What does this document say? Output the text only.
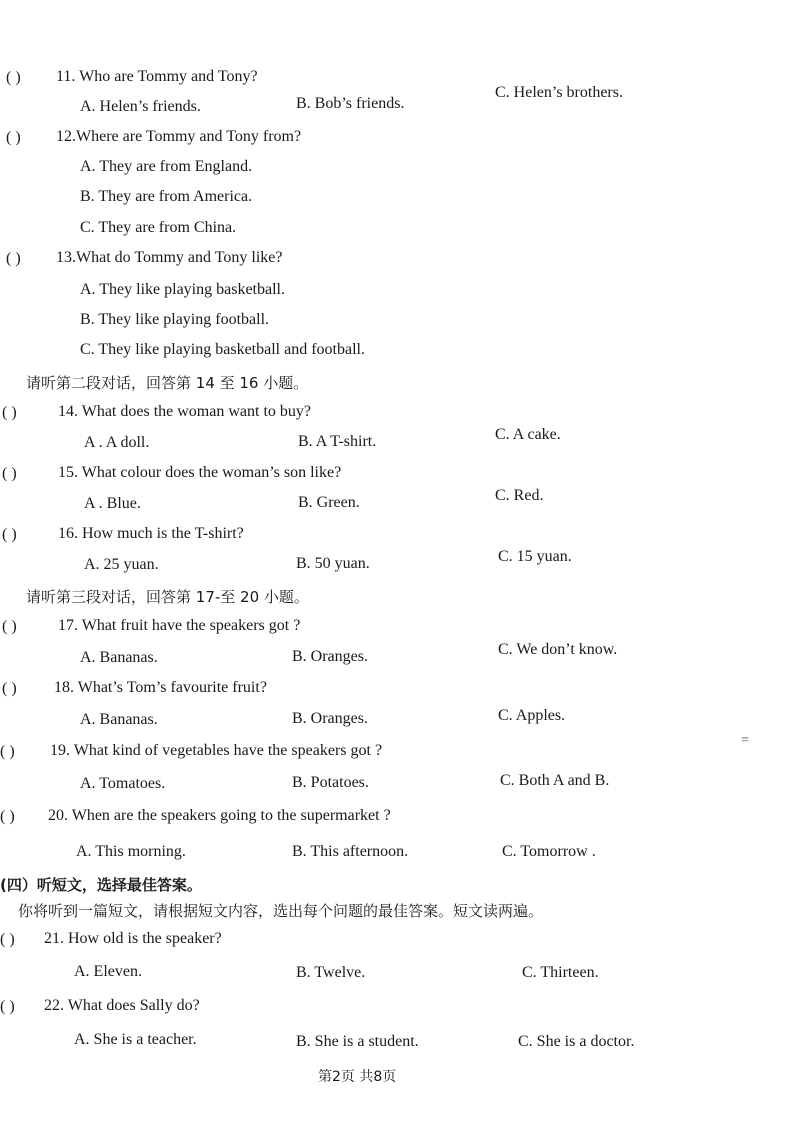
( ) 11. Who are Tommy and Tony?
A. Helen’s friends.	B. Bob’s friends.
C. Helen’s brothers.
( ) 12.Where are Tommy and Tony from?
A. They are from England.
B. They are from America.
C. They are from China.
( ) 13.What do Tommy and Tony like?
A. They like playing basketball.
B. They like playing football.
C. They like playing basketball and football.
请听第二段对话，回答第 14 至 16 小题。
( )	14. What does the woman want to buy?
A . A doll.	B. A T-shirt.	C. A cake.
( )	15. What colour does the woman’s son like?
A . Blue.	B. Green.	C. Red.
( )	16. How much is the T-shirt?
A. 25 yuan.	B. 50 yuan.	C. 15 yuan.
请听第三段对话，回答第 17-至 20 小题。
( )	17. What fruit have the speakers got ?
A. Bananas.	B. Oranges.	C. We don’t know.
( ) 18. What’s Tom’s favourite fruit?
A. Bananas.	B. Oranges.	C. Apples.
( ) 19. What kind of vegetables have the speakers got ?
A. Tomatoes.	B. Potatoes.	C. Both A and B.
=
( ) 20. When are the speakers going to the supermarket ?
A. This morning.	B. This afternoon.	C. Tomorrow .
(四）听短文，选择最佳答案。
你将听到一篇短文，请根据短文内容，选出每个问题的最佳答案。短文读两遍。
( ) 21. How old is the speaker?
A. Eleven.	B. Twelve.	C. Thirteen.
( ) 22. What does Sally do?
A. She is a teacher.	B. She is a student.	C. She is a doctor.
第2页 共8页
